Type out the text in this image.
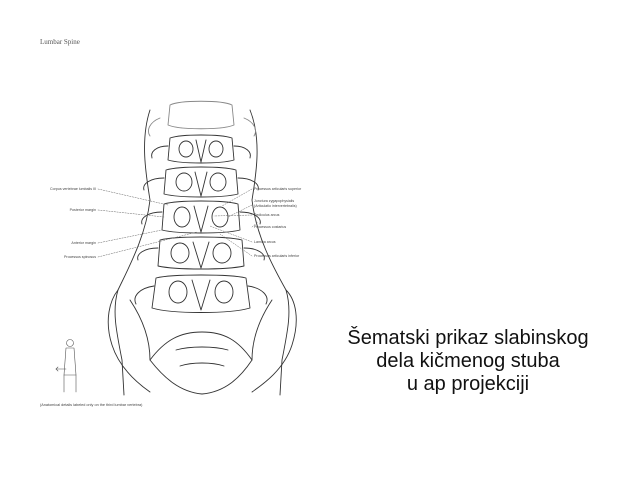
Lumbar Spine
Corpus vertebrae lumbalis III
Posterior margin
Anterior margin
Processus spinosus
Processus articularis superior
Junctura zygapophysialis
(Articulatio intervertebralis)
Pediculus arcus
Processus costarius
Lamina arcus
Processus articularis inferior
(Anatomical details labeled only on the third lumbar vertebra)
Šematski prikaz slabinskog
dela kičmenog stuba
u ap projekciji
